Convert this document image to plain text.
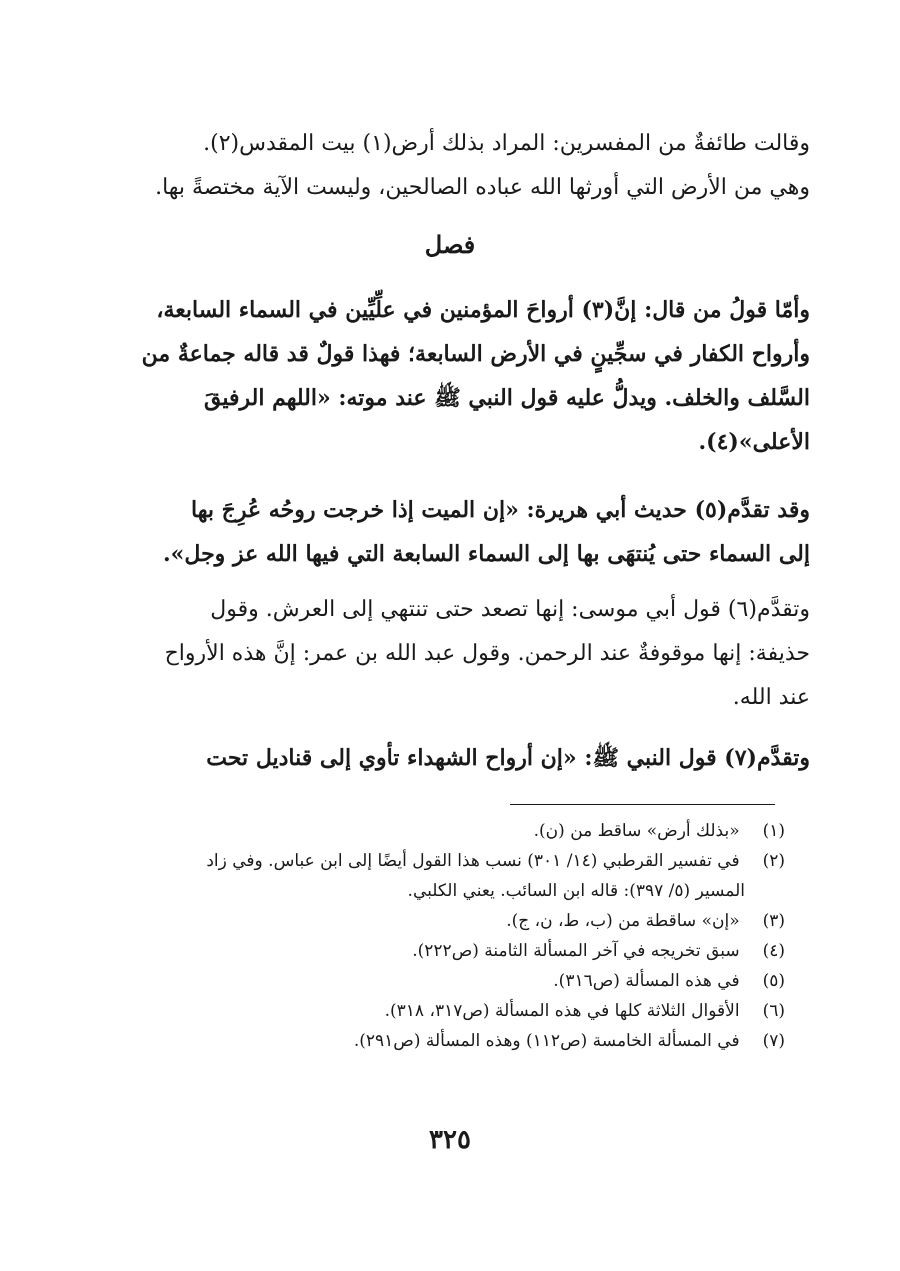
وقالت طائفةٌ من المفسرين: المراد بذلك أرض(١) بيت المقدس(٢).
وهي من الأرض التي أورثها الله عباده الصالحين، وليست الآية مختصةً بها.
فصل
وأمّا قولُ من قال: إنَّ(٣) أرواحَ المؤمنين في علِّيِّين في السماء السابعة،
وأرواح الكفار في سجِّينٍ في الأرض السابعة؛ فهذا قولٌ قد قاله جماعةٌ من
السَّلف والخلف. ويدلُّ عليه قول النبي ﷺ عند موته: «اللهم الرفيقَ
الأعلى»(٤).
وقد تقدَّم(٥) حديث أبي هريرة: «إن الميت إذا خرجت روحُه عُرِجَ بها
إلى السماء حتى يُنتهَى بها إلى السماء السابعة التي فيها الله عز وجل».
وتقدَّم(٦) قول أبي موسى: إنها تصعد حتى تنتهي إلى العرش. وقول
حذيفة: إنها موقوفةٌ عند الرحمن. وقول عبد الله بن عمر: إنَّ هذه الأرواح
عند الله.
وتقدَّم(٧) قول النبي ﷺ: «إن أرواح الشهداء تأوي إلى قناديل تحت
(١) «بذلك أرض» ساقط من (ن).
(٢) في تفسير القرطبي (١٤/ ٣٠١) نسب هذا القول أيضًا إلى ابن عباس. وفي زاد
المسير (٥/ ٣٩٧): قاله ابن السائب. يعني الكلبي.
(٣) «إن» ساقطة من (ب، ط، ن، ج).
(٤) سبق تخريجه في آخر المسألة الثامنة (ص٢٢٢).
(٥) في هذه المسألة (ص٣١٦).
(٦) الأقوال الثلاثة كلها في هذه المسألة (ص٣١٧، ٣١٨).
(٧) في المسألة الخامسة (ص١١٢) وهذه المسألة (ص٢٩١).
٣٢٥
